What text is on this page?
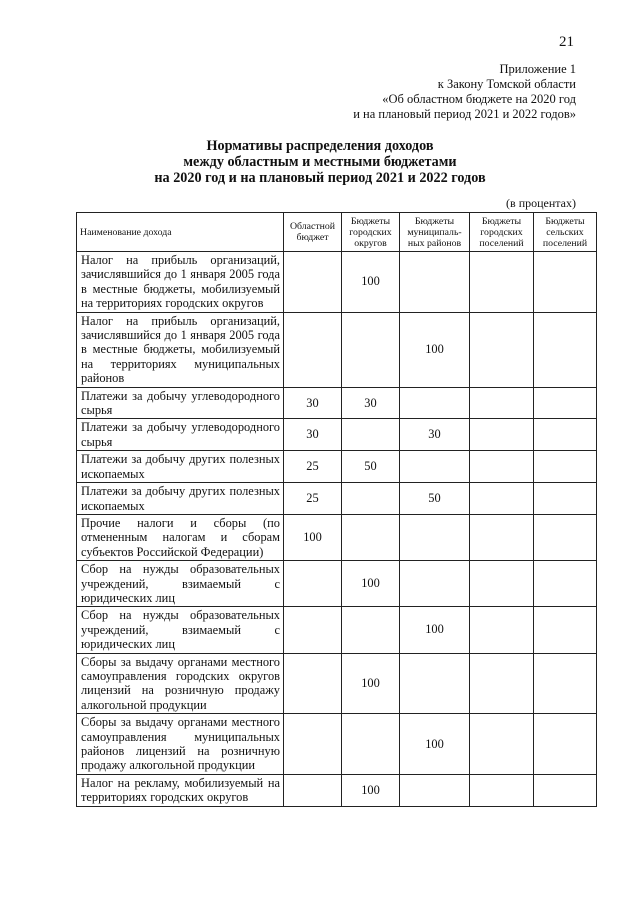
21
Приложение 1
к Закону Томской области
«Об областном бюджете на 2020 год
и на плановый период 2021 и 2022 годов»
Нормативы распределения доходов
между областным и местными бюджетами
на 2020 год и на плановый период 2021 и 2022 годов
(в процентах)
Наименование дохода	Областной бюджет	Бюджеты городских округов	Бюджеты муниципаль-ных районов	Бюджеты городских поселений	Бюджеты сельских поселений
Налог на прибыль организаций, зачислявшийся до 1 января 2005 года в местные бюджеты, мобилизуемый на территориях городских округов		100			
Налог на прибыль организаций, зачислявшийся до 1 января 2005 года в местные бюджеты, мобилизуемый на территориях муниципальных районов			100		
Платежи за добычу углеводородного сырья	30	30			
Платежи за добычу углеводородного сырья	30		30		
Платежи за добычу других полезных ископаемых	25	50			
Платежи за добычу других полезных ископаемых	25		50		
Прочие налоги и сборы (по отмененным налогам и сборам субъектов Российской Федерации)	100				
Сбор на нужды образовательных учреждений, взимаемый с юридических лиц		100			
Сбор на нужды образовательных учреждений, взимаемый с юридических лиц			100		
Сборы за выдачу органами местного самоуправления городских округов лицензий на розничную продажу алкогольной продукции		100			
Сборы за выдачу органами местного самоуправления муниципальных районов лицензий на розничную продажу алкогольной продукции			100		
Налог на рекламу, мобилизуемый на территориях городских округов		100			
